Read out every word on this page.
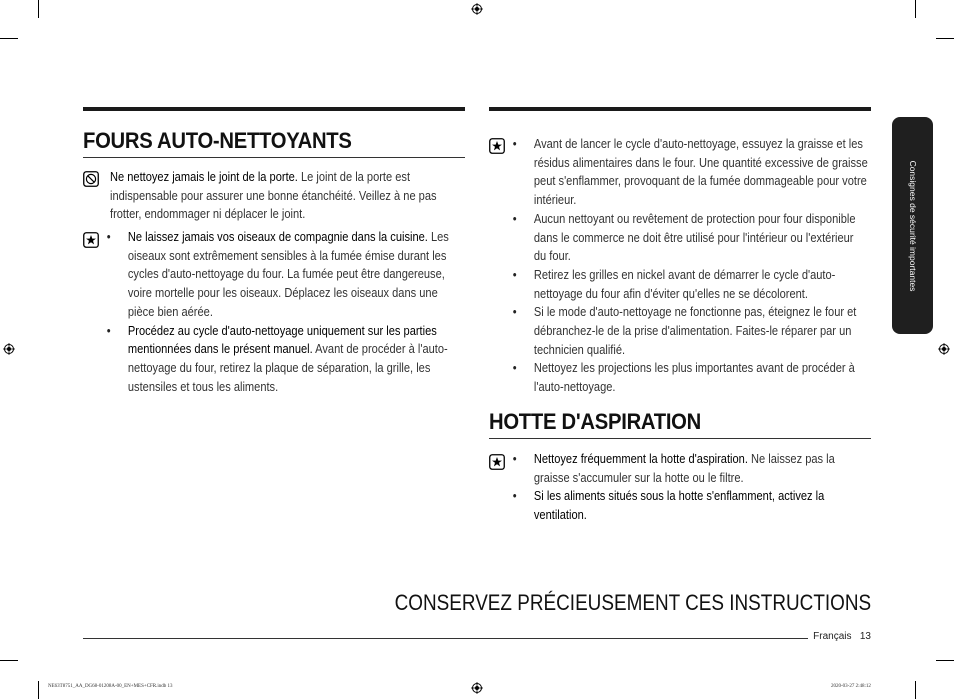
Consignes de sécurité importantes
FOURS AUTO-NETTOYANTS
Ne nettoyez jamais le joint de la porte. Le joint de la porte est indispensable pour assurer une bonne étanchéité. Veillez à ne pas frotter, endommager ni déplacer le joint.
• Ne laissez jamais vos oiseaux de compagnie dans la cuisine. Les oiseaux sont extrêmement sensibles à la fumée émise durant les cycles d'auto-nettoyage du four. La fumée peut être dangereuse, voire mortelle pour les oiseaux. Déplacez les oiseaux dans une pièce bien aérée.
• Procédez au cycle d'auto-nettoyage uniquement sur les parties mentionnées dans le présent manuel. Avant de procéder à l'auto-nettoyage du four, retirez la plaque de séparation, la grille, les ustensiles et tous les aliments.
• Avant de lancer le cycle d'auto-nettoyage, essuyez la graisse et les résidus alimentaires dans le four. Une quantité excessive de graisse peut s'enflammer, provoquant de la fumée dommageable pour votre intérieur.
• Aucun nettoyant ou revêtement de protection pour four disponible dans le commerce ne doit être utilisé pour l'intérieur ou l'extérieur du four.
• Retirez les grilles en nickel avant de démarrer le cycle d'auto-nettoyage du four afin d'éviter qu'elles ne se décolorent.
• Si le mode d'auto-nettoyage ne fonctionne pas, éteignez le four et débranchez-le de la prise d'alimentation. Faites-le réparer par un technicien qualifié.
• Nettoyez les projections les plus importantes avant de procéder à l'auto-nettoyage.
HOTTE D'ASPIRATION
• Nettoyez fréquemment la hotte d'aspiration. Ne laissez pas la graisse s'accumuler sur la hotte ou le filtre.
• Si les aliments situés sous la hotte s'enflamment, activez la ventilation.
CONSERVEZ PRÉCIEUSEMENT CES INSTRUCTIONS
Français 13
NE63T8751_AA_DG68-01208A-00_EN+MES+CFR.indb 13	2020-03-27 2:48:12
